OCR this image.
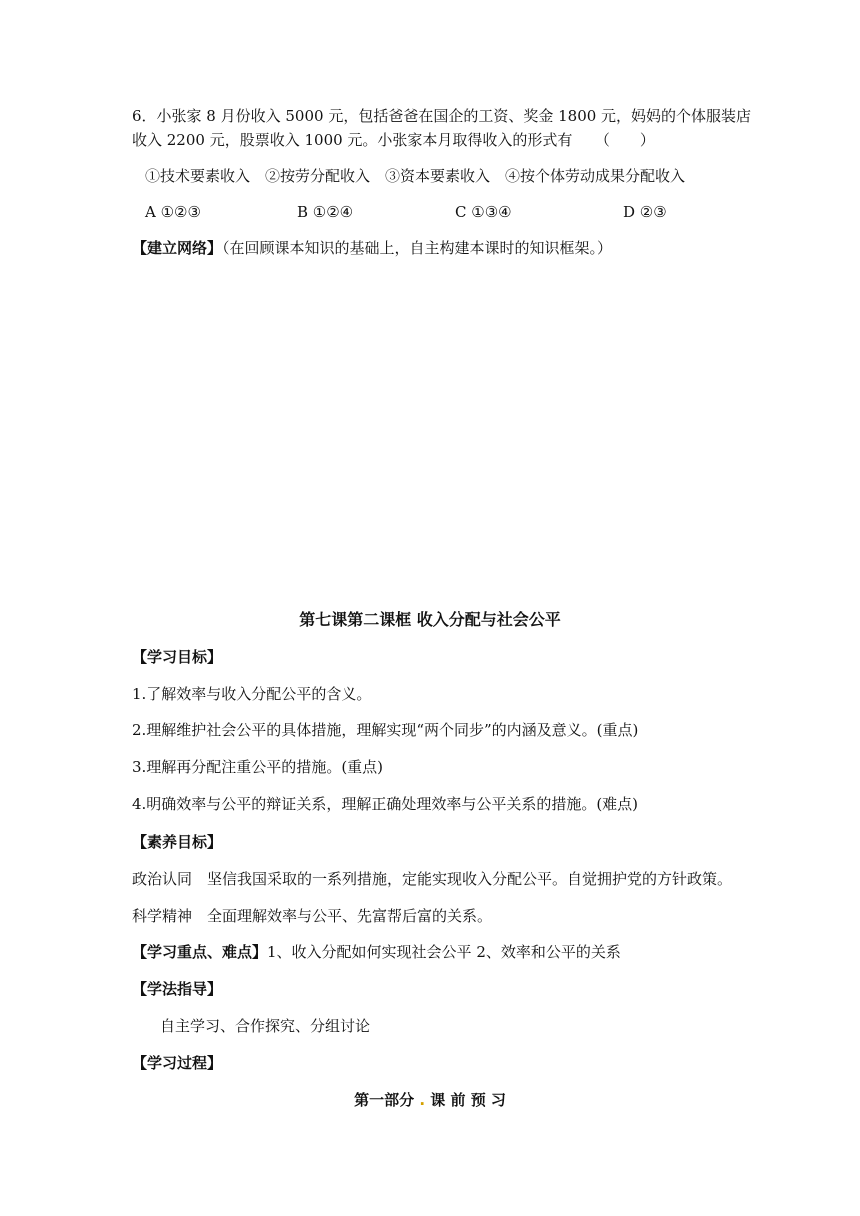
6．小张家 8 月份收入 5000 元，包括爸爸在国企的工资、奖金 1800 元，妈妈的个体服装店
收入 2200 元，股票收入 1000 元。小张家本月取得收入的形式有　　（　　）
①技术要素收入　②按劳分配收入　③资本要素收入　④按个体劳动成果分配收入
A ①②③	B ①②④	C ①③④	D ②③
【建立网络】（在回顾课本知识的基础上，自主构建本课时的知识框架。）
第七课第二课框 收入分配与社会公平
【学习目标】
1.了解效率与收入分配公平的含义。
2.理解维护社会公平的具体措施，理解实现“两个同步”的内涵及意义。(重点)
3.理解再分配注重公平的措施。(重点)
4.明确效率与公平的辩证关系，理解正确处理效率与公平关系的措施。(难点)
【素养目标】
政治认同　坚信我国采取的一系列措施，定能实现收入分配公平。自觉拥护党的方针政策。
科学精神　全面理解效率与公平、先富帮后富的关系。
【学习重点、难点】1、收入分配如何实现社会公平 2、效率和公平的关系
【学法指导】
自主学习、合作探究、分组讨论
【学习过程】
第一部分 . 课 前 预 习
